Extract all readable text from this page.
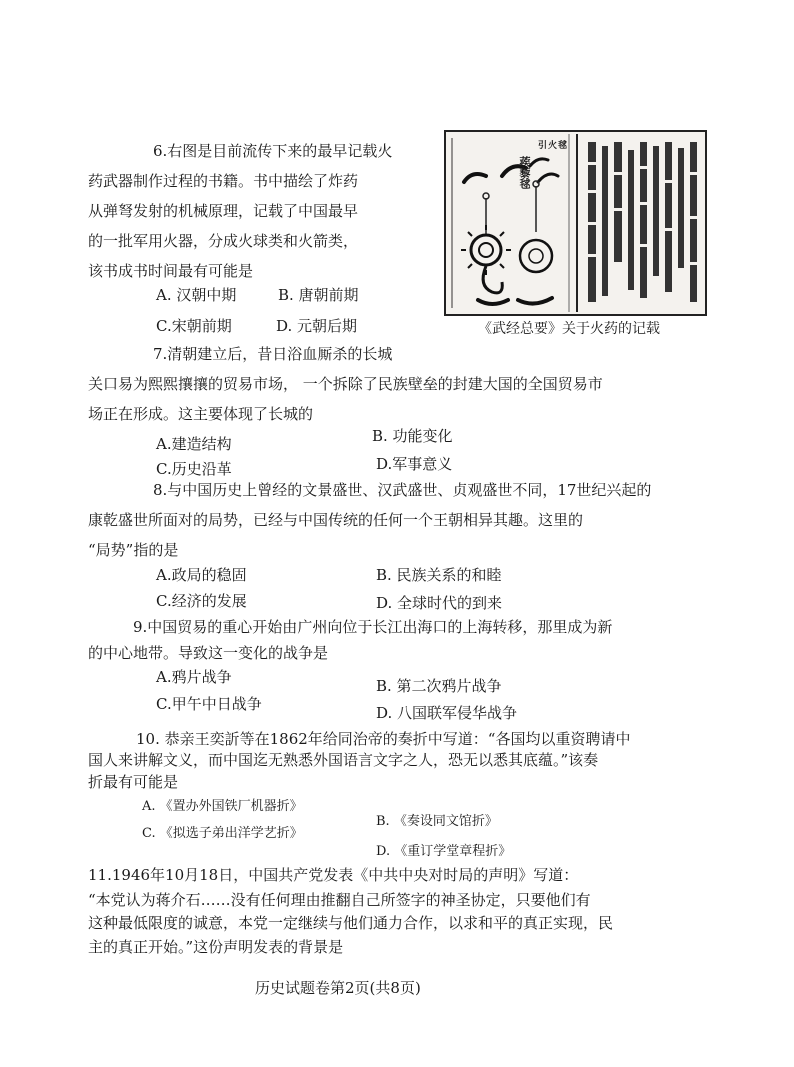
6.右图是目前流传下来的最早记载火
药武器制作过程的书籍。书中描绘了炸药
从弹弩发射的机械原理，记载了中国最早
的一批军用火器，分成火球类和火箭类，
该书成书时间最有可能是
A. 汉朝中期	B. 唐朝前期
C.宋朝前期	D. 元朝后期
引火毬
蒺藜毬
《武经总要》关于火药的记载
7.清朝建立后，昔日浴血厮杀的长城
关口易为熙熙攘攘的贸易市场， 一个拆除了民族壁垒的封建大国的全国贸易市
场正在形成。这主要体现了长城的
A.建造结构	B. 功能变化
C.历史沿革	D.军事意义
8.与中国历史上曾经的文景盛世、汉武盛世、贞观盛世不同，17世纪兴起的
康乾盛世所面对的局势，已经与中国传统的任何一个王朝相异其趣。这里的
“局势”指的是
A.政局的稳固	B. 民族关系的和睦
C.经济的发展	D. 全球时代的到来
9.中国贸易的重心开始由广州向位于长江出海口的上海转移，那里成为新
的中心地带。导致这一变化的战争是
A.鸦片战争	B. 第二次鸦片战争
C.甲午中日战争	D. 八国联军侵华战争
10. 恭亲王奕訢等在1862年给同治帝的奏折中写道：“各国均以重资聘请中
国人来讲解文义，而中国迄无熟悉外国语言文字之人，恐无以悉其底蕴。”该奏
折最有可能是
A. 《置办外国铁厂机器折》
B. 《奏设同文馆折》
C. 《拟选子弟出洋学艺折》
D. 《重订学堂章程折》
11.1946年10月18日，中国共产党发表《中共中央对时局的声明》写道：
“本党认为蒋介石……没有任何理由推翻自己所签字的神圣协定，只要他们有
这种最低限度的诚意，本党一定继续与他们通力合作，以求和平的真正实现，民
主的真正开始。”这份声明发表的背景是
历史试题卷第2页(共8页)
